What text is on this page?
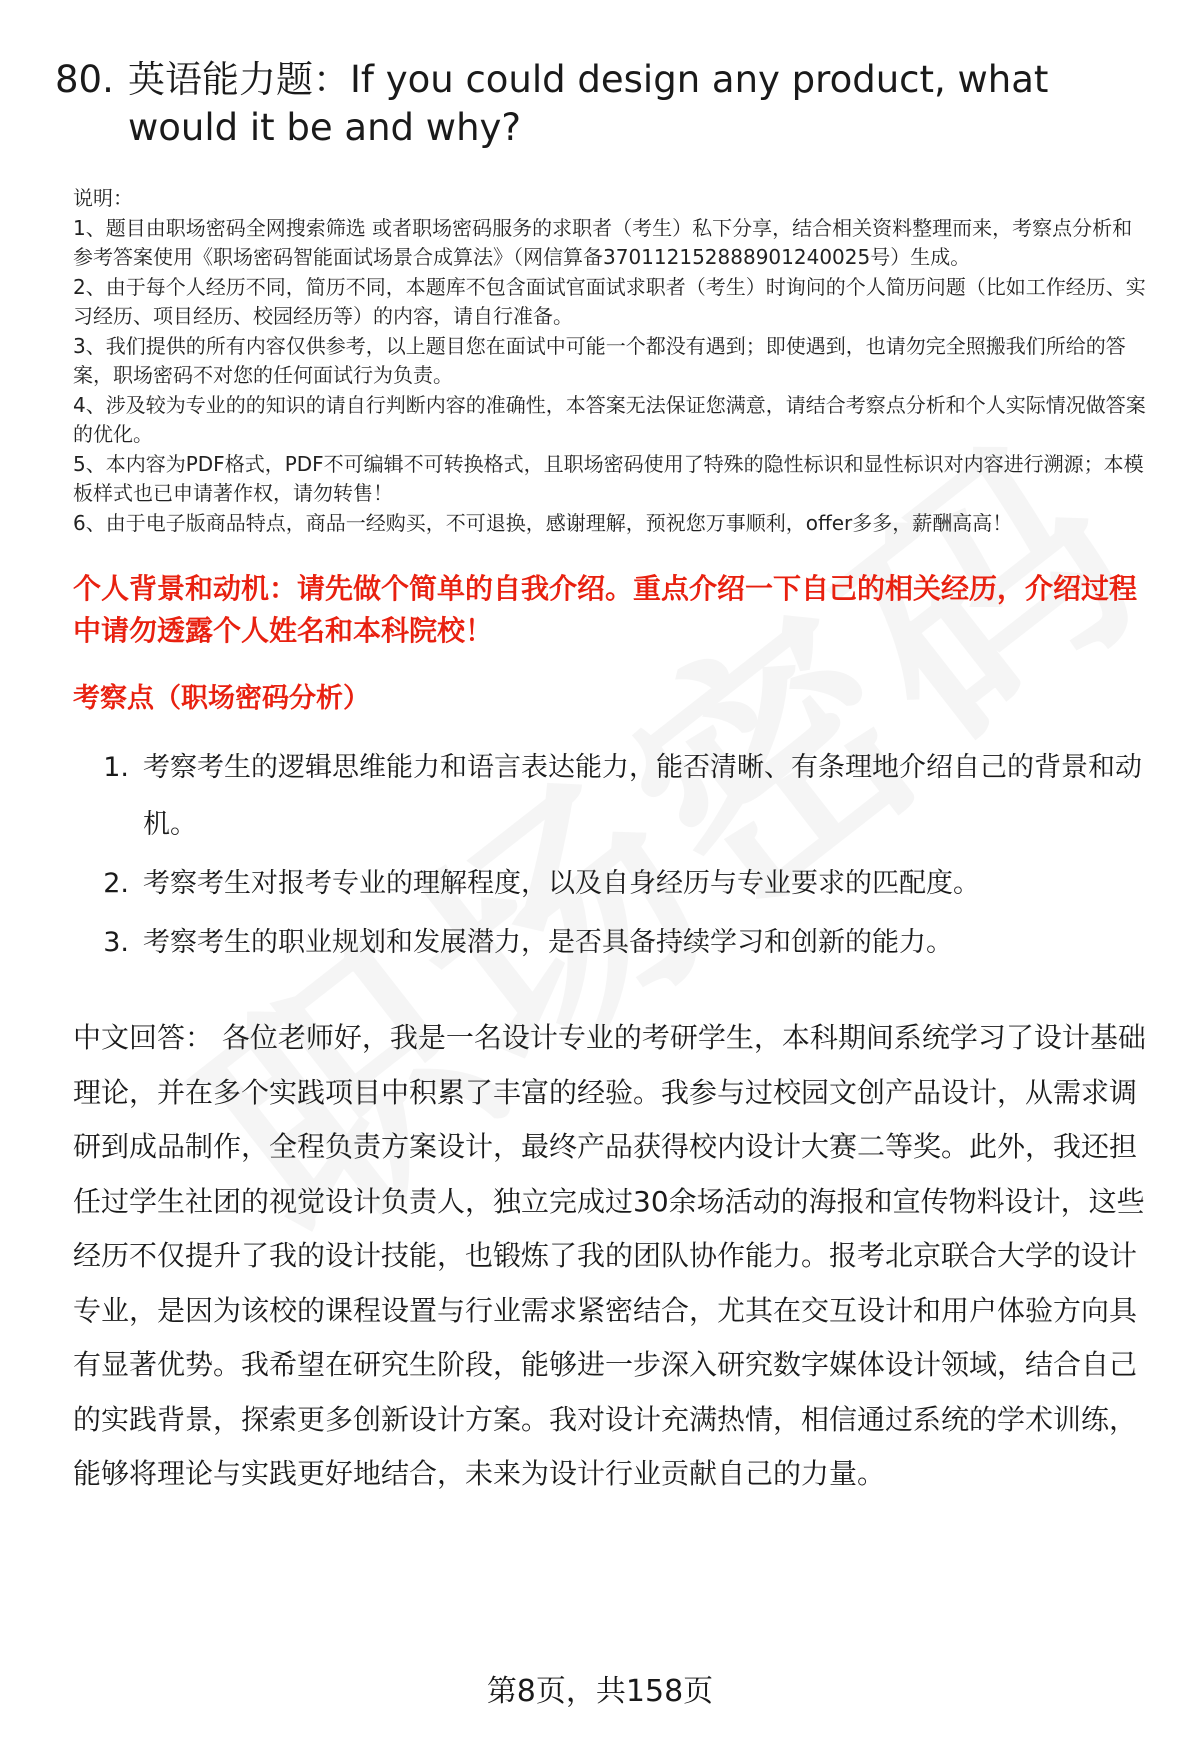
80. 英语能力题：If you could design any product, what would it be and why?
说明：
1、题目由职场密码全网搜索筛选 或者职场密码服务的求职者（考生）私下分享，结合相关资料整理而来，考察点分析和参考答案使用《职场密码智能面试场景合成算法》（网信算备370112152888901240025号）生成。
2、由于每个人经历不同，简历不同，本题库不包含面试官面试求职者（考生）时询问的个人简历问题（比如工作经历、实习经历、项目经历、校园经历等）的内容，请自行准备。
3、我们提供的所有内容仅供参考，以上题目您在面试中可能一个都没有遇到；即使遇到，也请勿完全照搬我们所给的答案，职场密码不对您的任何面试行为负责。
4、涉及较为专业的的知识的请自行判断内容的准确性，本答案无法保证您满意，请结合考察点分析和个人实际情况做答案的优化。
5、本内容为PDF格式，PDF不可编辑不可转换格式，且职场密码使用了特殊的隐性标识和显性标识对内容进行溯源；本模板样式也已申请著作权，请勿转售！
6、由于电子版商品特点，商品一经购买，不可退换，感谢理解，预祝您万事顺利，offer多多，薪酬高高！
个人背景和动机：请先做个简单的自我介绍。重点介绍一下自己的相关经历，介绍过程中请勿透露个人姓名和本科院校！
考察点（职场密码分析）
1. 考察考生的逻辑思维能力和语言表达能力，能否清晰、有条理地介绍自己的背景和动机。
2. 考察考生对报考专业的理解程度，以及自身经历与专业要求的匹配度。
3. 考察考生的职业规划和发展潜力，是否具备持续学习和创新的能力。
中文回答： 各位老师好，我是一名设计专业的考研学生，本科期间系统学习了设计基础理论，并在多个实践项目中积累了丰富的经验。我参与过校园文创产品设计，从需求调研到成品制作，全程负责方案设计，最终产品获得校内设计大赛二等奖。此外，我还担任过学生社团的视觉设计负责人，独立完成过30余场活动的海报和宣传物料设计，这些经历不仅提升了我的设计技能，也锻炼了我的团队协作能力。报考北京联合大学的设计专业，是因为该校的课程设置与行业需求紧密结合，尤其在交互设计和用户体验方向具有显著优势。我希望在研究生阶段，能够进一步深入研究数字媒体设计领域，结合自己的实践背景，探索更多创新设计方案。我对设计充满热情，相信通过系统的学术训练，能够将理论与实践更好地结合，未来为设计行业贡献自己的力量。
第8页，共158页
